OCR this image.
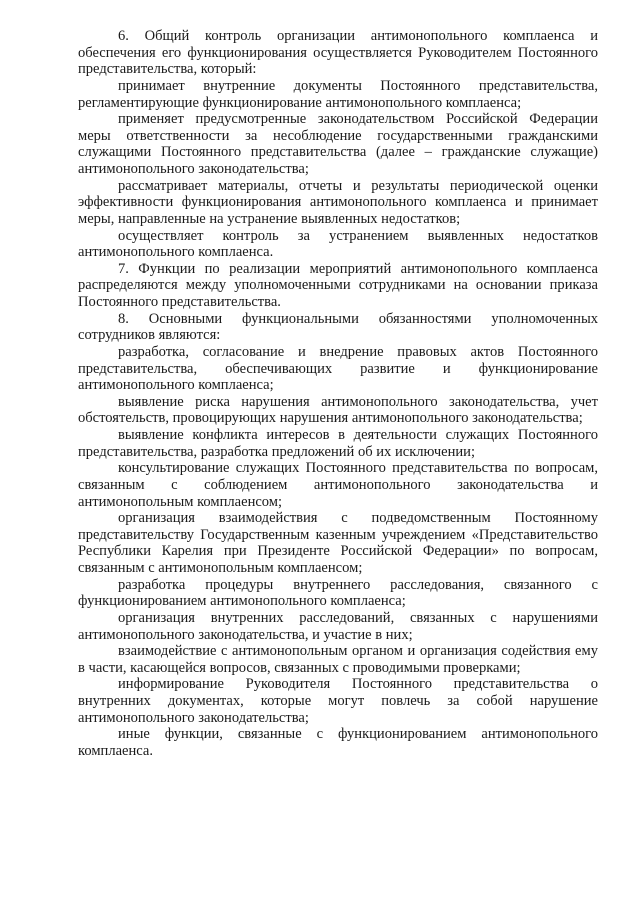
6. Общий контроль организации антимонопольного комплаенса и обеспечения его функционирования осуществляется Руководителем Постоянного представительства, который:

принимает внутренние документы Постоянного представительства, регламентирующие функционирование антимонопольного комплаенса;

применяет предусмотренные законодательством Российской Федерации меры ответственности за несоблюдение государственными гражданскими служащими Постоянного представительства (далее – гражданские служащие) антимонопольного законодательства;

рассматривает материалы, отчеты и результаты периодической оценки эффективности функционирования антимонопольного комплаенса и принимает меры, направленные на устранение выявленных недостатков;

осуществляет контроль за устранением выявленных недостатков антимонопольного комплаенса.

7. Функции по реализации мероприятий антимонопольного комплаенса распределяются между уполномоченными сотрудниками на основании приказа Постоянного представительства.

8. Основными функциональными обязанностями уполномоченных сотрудников являются:

разработка, согласование и внедрение правовых актов Постоянного представительства, обеспечивающих развитие и функционирование антимонопольного комплаенса;

выявление риска нарушения антимонопольного законодательства, учет обстоятельств, провоцирующих нарушения антимонопольного законодательства;

выявление конфликта интересов в деятельности служащих Постоянного представительства, разработка предложений об их исключении;

консультирование служащих Постоянного представительства по вопросам, связанным с соблюдением антимонопольного законодательства и антимонопольным комплаенсом;

организация взаимодействия с подведомственным Постоянному представительству Государственным казенным учреждением «Представительство Республики Карелия при Президенте Российской Федерации» по вопросам, связанным с антимонопольным комплаенсом;

разработка процедуры внутреннего расследования, связанного с функционированием антимонопольного комплаенса;

организация внутренних расследований, связанных с нарушениями антимонопольного законодательства, и участие в них;

взаимодействие с антимонопольным органом и организация содействия ему в части, касающейся вопросов, связанных с проводимыми проверками;

информирование Руководителя Постоянного представительства о внутренних документах, которые могут повлечь за собой нарушение антимонопольного законодательства;

иные функции, связанные с функционированием антимонопольного комплаенса.
